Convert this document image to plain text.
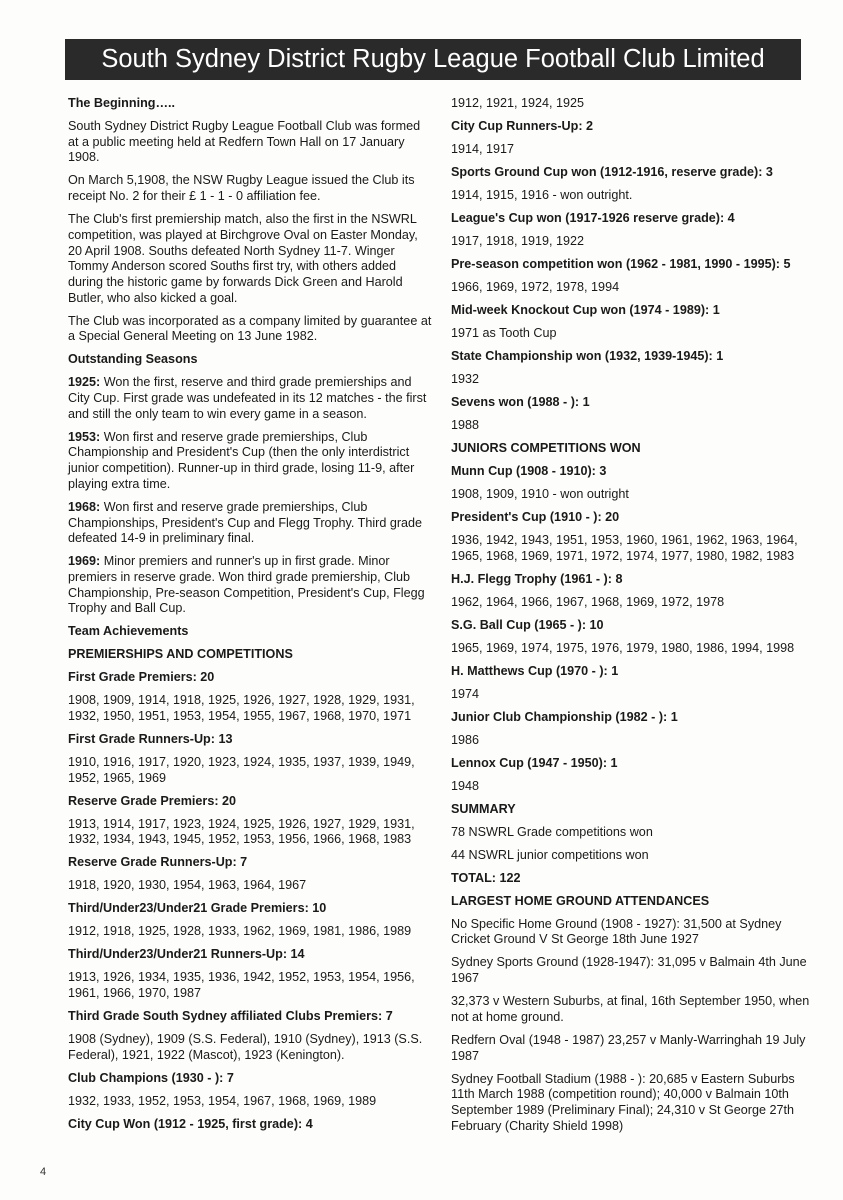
South Sydney District Rugby League Football Club Limited

The Beginning…..

South Sydney District Rugby League Football Club was formed at a public meeting held at Redfern Town Hall on 17 January 1908.

On March 5,1908, the NSW Rugby League issued the Club its receipt No. 2 for their £ 1 - 1 - 0 affiliation fee.

The Club's first premiership match, also the first in the NSWRL competition, was played at Birchgrove Oval on Easter Monday, 20 April 1908. Souths defeated North Sydney 11-7. Winger Tommy Anderson scored Souths first try, with others added during the historic game by forwards Dick Green and Harold Butler, who also kicked a goal.

The Club was incorporated as a company limited by guarantee at a Special General Meeting on 13 June 1982.

Outstanding Seasons

1925: Won the first, reserve and third grade premierships and City Cup. First grade was undefeated in its 12 matches - the first and still the only team to win every game in a season.

1953: Won first and reserve grade premierships, Club Championship and President's Cup (then the only interdistrict junior competition). Runner-up in third grade, losing 11-9, after playing extra time.

1968: Won first and reserve grade premierships, Club Championships, President's Cup and Flegg Trophy. Third grade defeated 14-9 in preliminary final.

1969: Minor premiers and runner's up in first grade. Minor premiers in reserve grade. Won third grade premiership, Club Championship, Pre-season Competition, President's Cup, Flegg Trophy and Ball Cup.

Team Achievements

PREMIERSHIPS AND COMPETITIONS

First Grade Premiers: 20

1908, 1909, 1914, 1918, 1925, 1926, 1927, 1928, 1929, 1931, 1932, 1950, 1951, 1953, 1954, 1955, 1967, 1968, 1970, 1971

First Grade Runners-Up: 13

1910, 1916, 1917, 1920, 1923, 1924, 1935, 1937, 1939, 1949, 1952, 1965, 1969

Reserve Grade Premiers: 20

1913, 1914, 1917, 1923, 1924, 1925, 1926, 1927, 1929, 1931, 1932, 1934, 1943, 1945, 1952, 1953, 1956, 1966, 1968, 1983

Reserve Grade Runners-Up: 7

1918, 1920, 1930, 1954, 1963, 1964, 1967

Third/Under23/Under21 Grade Premiers: 10

1912, 1918, 1925, 1928, 1933, 1962, 1969, 1981, 1986, 1989

Third/Under23/Under21 Runners-Up: 14

1913, 1926, 1934, 1935, 1936, 1942, 1952, 1953, 1954, 1956, 1961, 1966, 1970, 1987

Third Grade South Sydney affiliated Clubs Premiers: 7

1908 (Sydney), 1909 (S.S. Federal), 1910 (Sydney), 1913 (S.S. Federal), 1921, 1922 (Mascot), 1923 (Kenington).

Club Champions (1930 - ): 7

1932, 1933, 1952, 1953, 1954, 1967, 1968, 1969, 1989

City Cup Won (1912 - 1925, first grade): 4

1912, 1921, 1924, 1925

City Cup Runners-Up: 2

1914, 1917

Sports Ground Cup won (1912-1916, reserve grade): 3

1914, 1915, 1916 - won outright.

League's Cup won (1917-1926 reserve grade): 4

1917, 1918, 1919, 1922

Pre-season competition won (1962 - 1981, 1990 - 1995): 5

1966, 1969, 1972, 1978, 1994

Mid-week Knockout Cup won (1974 - 1989): 1

1971 as Tooth Cup

State Championship won (1932, 1939-1945): 1

1932

Sevens won (1988 - ): 1

1988

JUNIORS COMPETITIONS WON

Munn Cup (1908 - 1910): 3

1908, 1909, 1910 - won outright

President's Cup (1910 - ): 20

1936, 1942, 1943, 1951, 1953, 1960, 1961, 1962, 1963, 1964, 1965, 1968, 1969, 1971, 1972, 1974, 1977, 1980, 1982, 1983

H.J. Flegg Trophy (1961 - ): 8

1962, 1964, 1966, 1967, 1968, 1969, 1972, 1978

S.G. Ball Cup (1965 - ): 10

1965, 1969, 1974, 1975, 1976, 1979, 1980, 1986, 1994, 1998

H. Matthews Cup (1970 - ): 1

1974

Junior Club Championship (1982 - ): 1

1986

Lennox Cup (1947 - 1950): 1

1948

SUMMARY

78 NSWRL Grade competitions won

44 NSWRL junior competitions won

TOTAL: 122

LARGEST HOME GROUND ATTENDANCES

No Specific Home Ground (1908 - 1927): 31,500 at Sydney Cricket Ground V St George 18th June 1927

Sydney Sports Ground (1928-1947): 31,095 v Balmain 4th June 1967

32,373 v Western Suburbs, at final, 16th September 1950, when not at home ground.

Redfern Oval (1948 - 1987) 23,257 v Manly-Warringhah 19 July 1987

Sydney Football Stadium (1988 - ): 20,685 v Eastern Suburbs 11th March 1988 (competition round); 40,000 v Balmain 10th September 1989 (Preliminary Final); 24,310 v St George 27th February (Charity Shield 1998)

4
